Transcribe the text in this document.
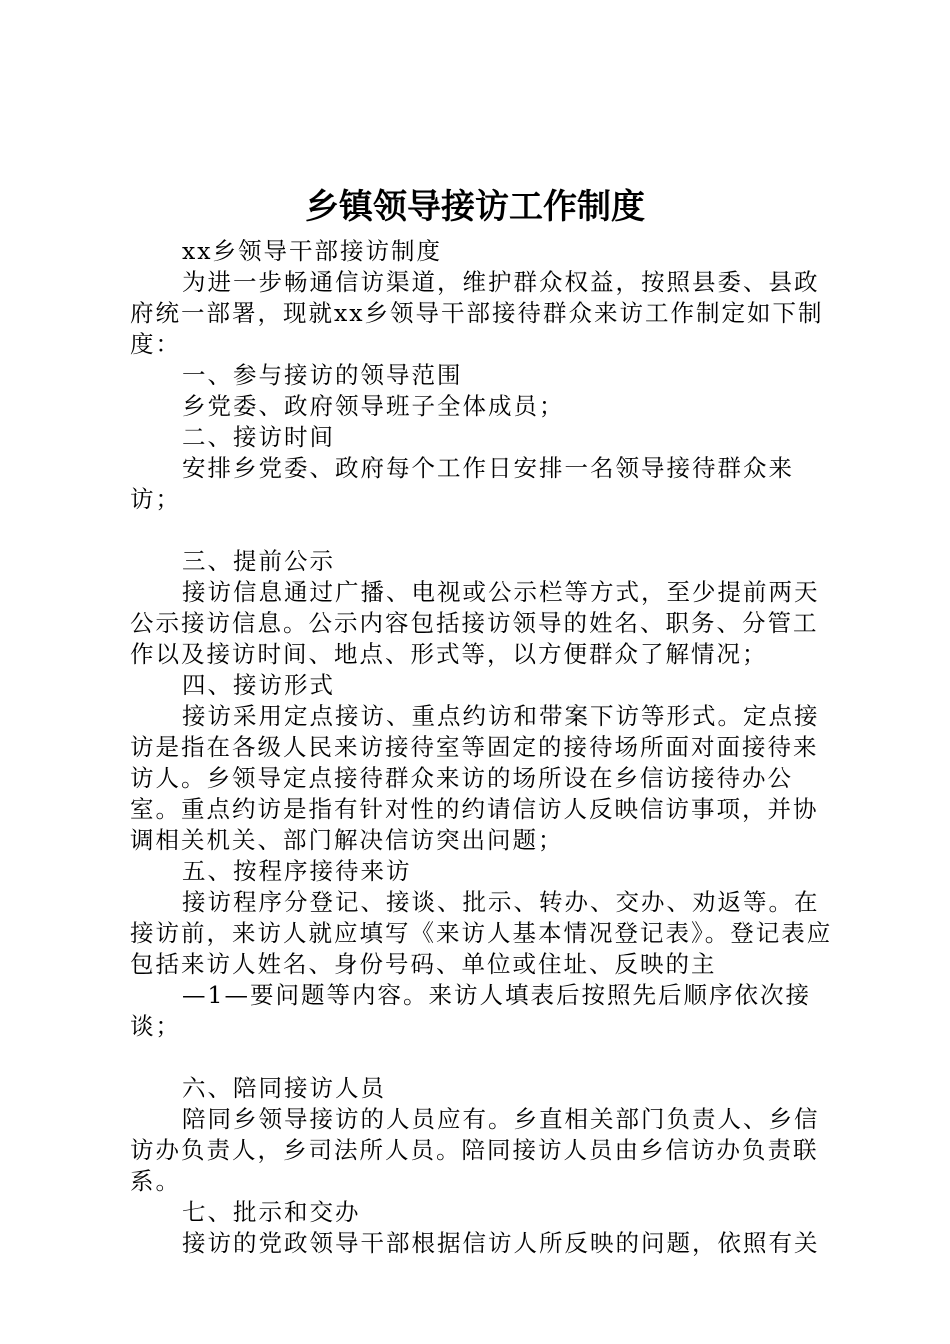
乡镇领导接访工作制度

xx乡领导干部接访制度

为进一步畅通信访渠道，维护群众权益，按照县委、县政府统一部署，现就xx乡领导干部接待群众来访工作制定如下制度：

一、参与接访的领导范围

乡党委、政府领导班子全体成员；

二、接访时间

安排乡党委、政府每个工作日安排一名领导接待群众来访；

三、提前公示

接访信息通过广播、电视或公示栏等方式，至少提前两天公示接访信息。公示内容包括接访领导的姓名、职务、分管工作以及接访时间、地点、形式等，以方便群众了解情况；

四、接访形式

接访采用定点接访、重点约访和带案下访等形式。定点接访是指在各级人民来访接待室等固定的接待场所面对面接待来访人。乡领导定点接待群众来访的场所设在乡信访接待办公室。重点约访是指有针对性的约请信访人反映信访事项，并协调相关机关、部门解决信访突出问题；

五、按程序接待来访

接访程序分登记、接谈、批示、转办、交办、劝返等。在接访前，来访人就应填写《来访人基本情况登记表》。登记表应包括来访人姓名、身份号码、单位或住址、反映的主

—1—要问题等内容。来访人填表后按照先后顺序依次接谈；

六、陪同接访人员

陪同乡领导接访的人员应有。乡直相关部门负责人、乡信访办负责人，乡司法所人员。陪同接访人员由乡信访办负责联系。

七、批示和交办

接访的党政领导干部根据信访人所反映的问题，依照有关
